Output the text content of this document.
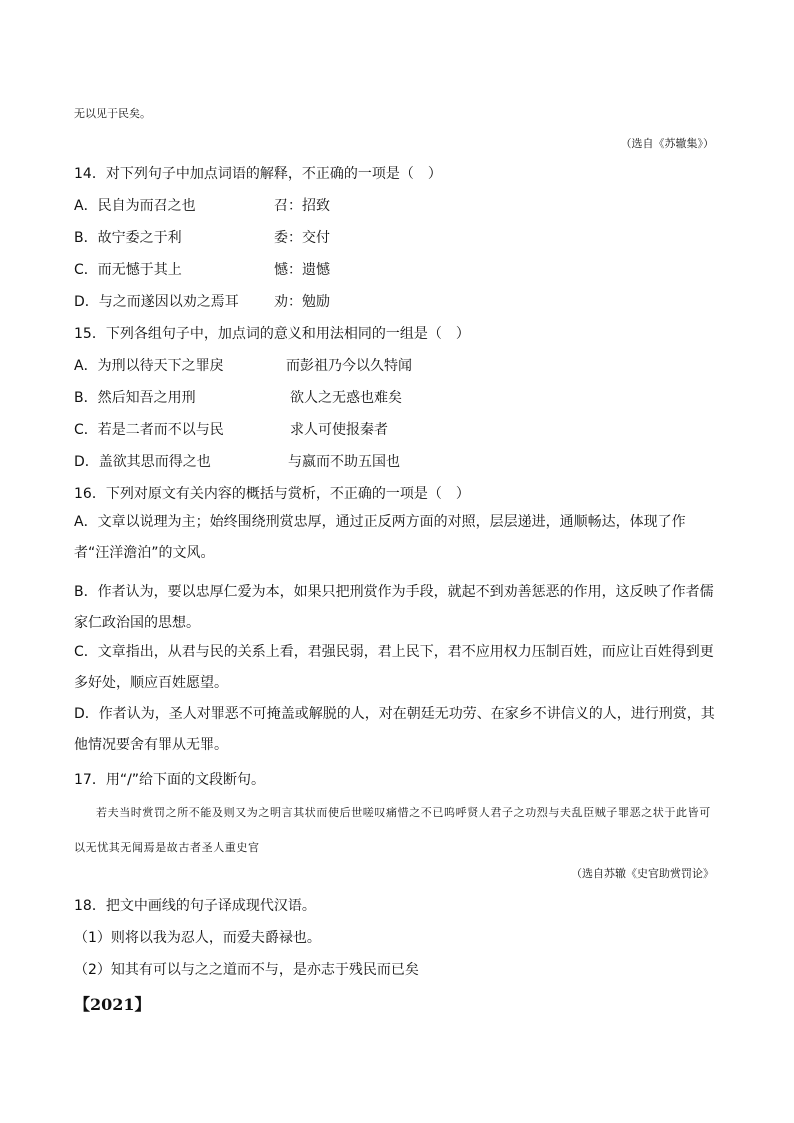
无以见于民矣。
（选自《苏辙集》）
14．对下列句子中加点词语的解释，不正确的一项是（　）
A．民自为而召之也	召：招致
B．故宁委之于利	委：交付
C．而无憾于其上	憾：遗憾
D．与之而遂因以劝之焉耳	劝：勉励
15．下列各组句子中，加点词的意义和用法相同的一组是（　）
A．为刑以待天下之罪戾	而彭祖乃今以久特闻
B．然后知吾之用刑	欲人之无惑也难矣
C．若是二者而不以与民	求人可使报秦者
D．盖欲其思而得之也	与嬴而不助五国也
16．下列对原文有关内容的概括与赏析，不正确的一项是（　）
A．文章以说理为主；始终围绕刑赏忠厚，通过正反两方面的对照，层层递进，通顺畅达，体现了作者“汪洋澹泊”的文风。
B．作者认为，要以忠厚仁爱为本，如果只把刑赏作为手段，就起不到劝善惩恶的作用，这反映了作者儒家仁政治国的思想。
C．文章指出，从君与民的关系上看，君强民弱，君上民下，君不应用权力压制百姓，而应让百姓得到更多好处，顺应百姓愿望。
D．作者认为，圣人对罪恶不可掩盖或解脱的人，对在朝廷无功劳、在家乡不讲信义的人，进行刑赏，其他情况要舍有罪从无罪。
17．用“/”给下面的文段断句。
若夫当时赏罚之所不能及则又为之明言其状而使后世嗟叹痛惜之不已呜呼贤人君子之功烈与夫乱臣贼子罪恶之状于此皆可以无忧其无闻焉是故古者圣人重史官
（选自苏辙《史官助赏罚论》
18．把文中画线的句子译成现代汉语。
（1）则将以我为忍人，而爱夫爵禄也。
（2）知其有可以与之之道而不与，是亦志于残民而已矣
【2021】
